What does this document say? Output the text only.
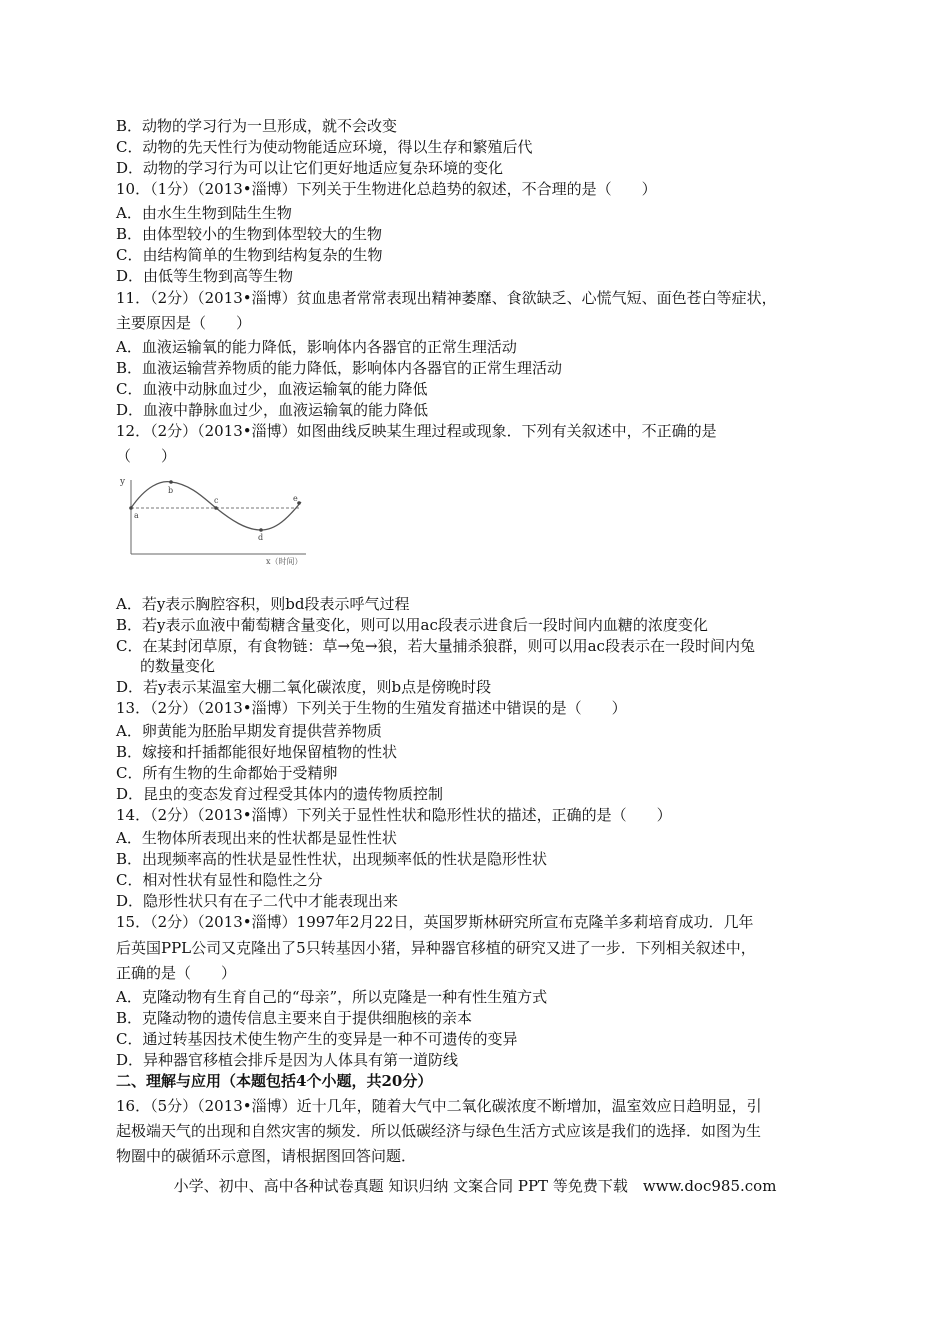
B．动物的学习行为一旦形成，就不会改变
C．动物的先天性行为使动物能适应环境，得以生存和繁殖后代
D．动物的学习行为可以让它们更好地适应复杂环境的变化
10．（1分）（2013•淄博）下列关于生物进化总趋势的叙述，不合理的是（　　）
A．由水生生物到陆生生物
B．由体型较小的生物到体型较大的生物
C．由结构简单的生物到结构复杂的生物
D．由低等生物到高等生物
11．（2分）（2013•淄博）贫血患者常常表现出精神萎靡、食欲缺乏、心慌气短、面色苍白等症状，
主要原因是（　　）
A．血液运输氧的能力降低，影响体内各器官的正常生理活动
B．血液运输营养物质的能力降低，影响体内各器官的正常生理活动
C．血液中动脉血过少，血液运输氧的能力降低
D．血液中静脉血过少，血液运输氧的能力降低
12．（2分）（2013•淄博）如图曲线反映某生理过程或现象．下列有关叙述中，不正确的是
（　　）
y
a
b
c
d
e
x（时间）
A．若y表示胸腔容积，则bd段表示呼气过程
B．若y表示血液中葡萄糖含量变化，则可以用ac段表示进食后一段时间内血糖的浓度变化
C．在某封闭草原，有食物链：草→兔→狼，若大量捕杀狼群，则可以用ac段表示在一段时间内兔
的数量变化
D．若y表示某温室大棚二氧化碳浓度，则b点是傍晚时段
13．（2分）（2013•淄博）下列关于生物的生殖发育描述中错误的是（　　）
A．卵黄能为胚胎早期发育提供营养物质
B．嫁接和扦插都能很好地保留植物的性状
C．所有生物的生命都始于受精卵
D．昆虫的变态发育过程受其体内的遗传物质控制
14．（2分）（2013•淄博）下列关于显性性状和隐形性状的描述，正确的是（　　）
A．生物体所表现出来的性状都是显性性状
B．出现频率高的性状是显性性状，出现频率低的性状是隐形性状
C．相对性状有显性和隐性之分
D．隐形性状只有在子二代中才能表现出来
15．（2分）（2013•淄博）1997年2月22日，英国罗斯林研究所宣布克隆羊多莉培育成功．几年
后英国PPL公司又克隆出了5只转基因小猪，异种器官移植的研究又进了一步．下列相关叙述中，
正确的是（　　）
A．克隆动物有生育自己的“母亲”，所以克隆是一种有性生殖方式
B．克隆动物的遗传信息主要来自于提供细胞核的亲本
C．通过转基因技术使生物产生的变异是一种不可遗传的变异
D．异种器官移植会排斥是因为人体具有第一道防线
二、理解与应用（本题包括4个小题，共20分）
16．（5分）（2013•淄博）近十几年，随着大气中二氧化碳浓度不断增加，温室效应日趋明显，引
起极端天气的出现和自然灾害的频发．所以低碳经济与绿色生活方式应该是我们的选择．如图为生
物圈中的碳循环示意图，请根据图回答问题．
小学、初中、高中各种试卷真题 知识归纳 文案合同 PPT 等免费下载　www.doc985.com
